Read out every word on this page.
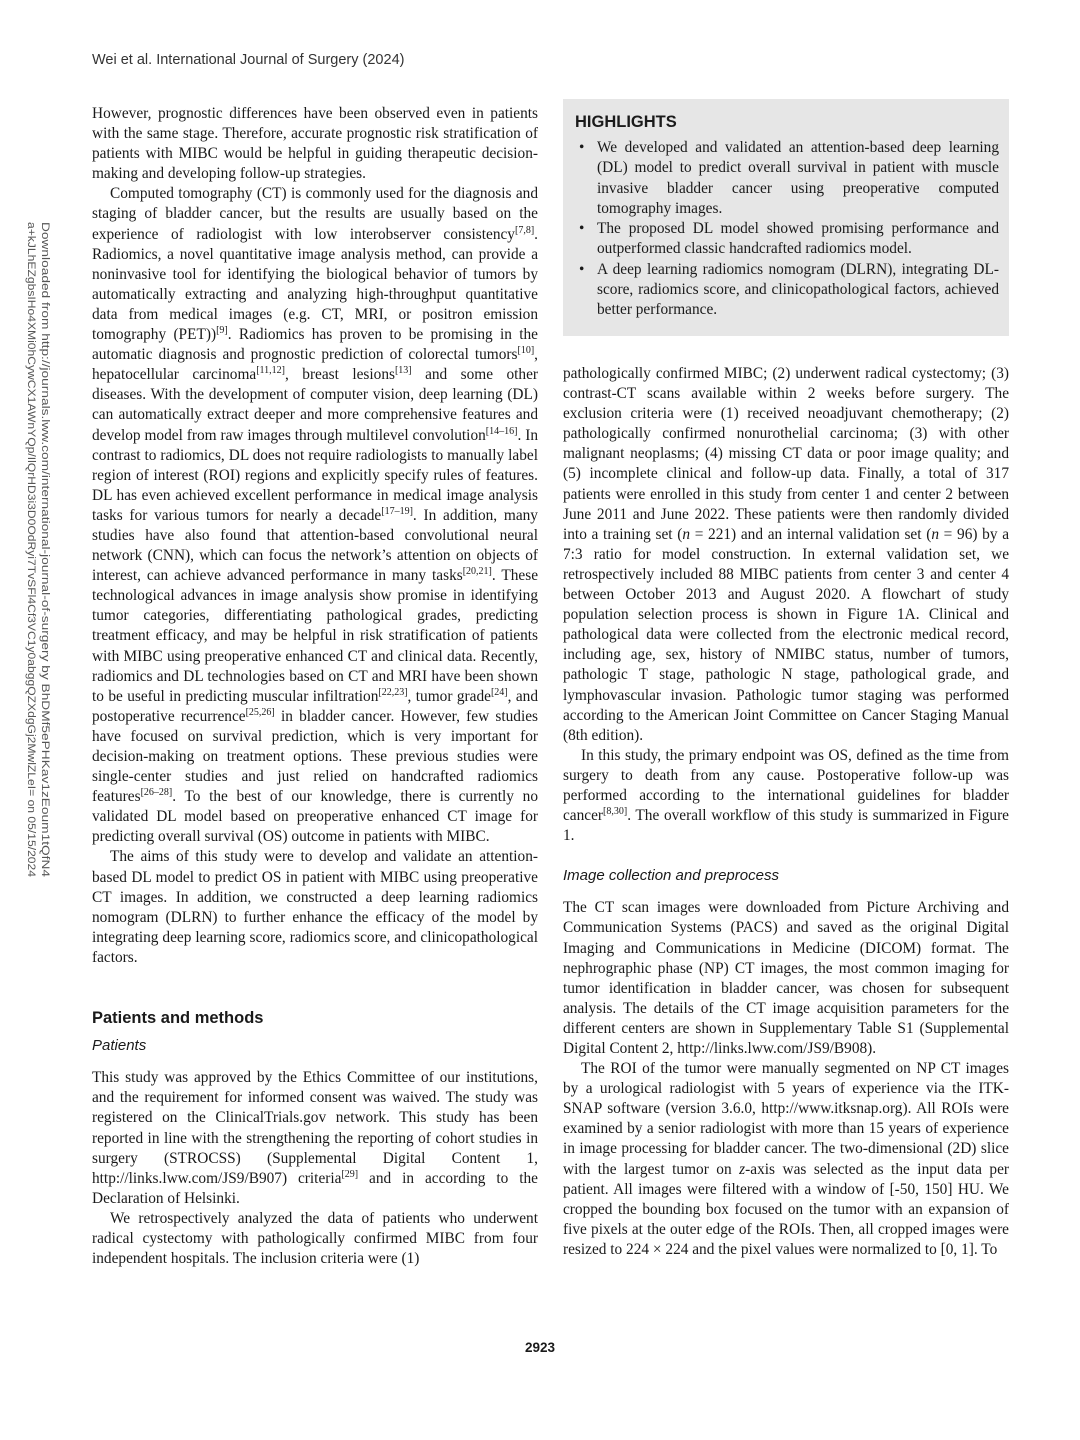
Wei et al. International Journal of Surgery (2024)
Downloaded from http://journals.lww.com/international-journal-of-surgery by BhDMf5ePHKav1zEoum1tQfN4
a+kJLhEZgbsIHo4XMi0hCywCX1AWnYQp/IlQrHD3i3D0OdRyi7TvSFl4Cf3VC1y0abggQZXdgGj2MwlZLeI= on 05/15/2024

However, prognostic differences have been observed even in patients with the same stage. Therefore, accurate prognostic risk stratification of patients with MIBC would be helpful in guiding therapeutic decision-making and developing follow-up strategies.

Computed tomography (CT) is commonly used for the diagnosis and staging of bladder cancer, but the results are usually based on the experience of radiologist with low interobserver consistency[7,8]. Radiomics, a novel quantitative image analysis method, can provide a noninvasive tool for identifying the biological behavior of tumors by automatically extracting and analyzing high-throughput quantitative data from medical images (e.g. CT, MRI, or positron emission tomography (PET))[9]. Radiomics has proven to be promising in the automatic diagnosis and prognostic prediction of colorectal tumors[10], hepatocellular carcinoma[11,12], breast lesions[13] and some other diseases. With the development of computer vision, deep learning (DL) can automatically extract deeper and more comprehensive features and develop model from raw images through multilevel convolution[14–16]. In contrast to radiomics, DL does not require radiologists to manually label region of interest (ROI) regions and explicitly specify rules of features. DL has even achieved excellent performance in medical image analysis tasks for various tumors for nearly a decade[17–19]. In addition, many studies have also found that attention-based convolutional neural network (CNN), which can focus the network’s attention on objects of interest, can achieve advanced performance in many tasks[20,21]. These technological advances in image analysis show promise in identifying tumor categories, differentiating pathological grades, predicting treatment efficacy, and may be helpful in risk stratification of patients with MIBC using preoperative enhanced CT and clinical data. Recently, radiomics and DL technologies based on CT and MRI have been shown to be useful in predicting muscular infiltration[22,23], tumor grade[24], and postoperative recurrence[25,26] in bladder cancer. However, few studies have focused on survival prediction, which is very important for decision-making on treatment options. These previous studies were single-center studies and just relied on handcrafted radiomics features[26–28]. To the best of our knowledge, there is currently no validated DL model based on preoperative enhanced CT image for predicting overall survival (OS) outcome in patients with MIBC.

The aims of this study were to develop and validate an attention-based DL model to predict OS in patient with MIBC using preoperative CT images. In addition, we constructed a deep learning radiomics nomogram (DLRN) to further enhance the efficacy of the model by integrating deep learning score, radiomics score, and clinicopathological factors.

Patients and methods
Patients

This study was approved by the Ethics Committee of our institutions, and the requirement for informed consent was waived. The study was registered on the ClinicalTrials.gov network. This study has been reported in line with the strengthening the reporting of cohort studies in surgery (STROCSS) (Supplemental Digital Content 1, http://links.lww.com/JS9/B907) criteria[29] and in according to the Declaration of Helsinki.

We retrospectively analyzed the data of patients who underwent radical cystectomy with pathologically confirmed MIBC from four independent hospitals. The inclusion criteria were (1)

HIGHLIGHTS
• We developed and validated an attention-based deep learning (DL) model to predict overall survival in patient with muscle invasive bladder cancer using preoperative computed tomography images.
• The proposed DL model showed promising performance and outperformed classic handcrafted radiomics model.
• A deep learning radiomics nomogram (DLRN), integrating DL-score, radiomics score, and clinicopathological factors, achieved better performance.

pathologically confirmed MIBC; (2) underwent radical cystectomy; (3) contrast-CT scans available within 2 weeks before surgery. The exclusion criteria were (1) received neoadjuvant chemotherapy; (2) pathologically confirmed nonurothelial carcinoma; (3) with other malignant neoplasms; (4) missing CT data or poor image quality; and (5) incomplete clinical and follow-up data. Finally, a total of 317 patients were enrolled in this study from center 1 and center 2 between June 2011 and June 2022. These patients were then randomly divided into a training set (n = 221) and an internal validation set (n = 96) by a 7:3 ratio for model construction. In external validation set, we retrospectively included 88 MIBC patients from center 3 and center 4 between October 2013 and August 2020. A flowchart of study population selection process is shown in Figure 1A. Clinical and pathological data were collected from the electronic medical record, including age, sex, history of NMIBC status, number of tumors, pathologic T stage, pathologic N stage, pathological grade, and lymphovascular invasion. Pathologic tumor staging was performed according to the American Joint Committee on Cancer Staging Manual (8th edition).

In this study, the primary endpoint was OS, defined as the time from surgery to death from any cause. Postoperative follow-up was performed according to the international guidelines for bladder cancer[8,30]. The overall workflow of this study is summarized in Figure 1.

Image collection and preprocess

The CT scan images were downloaded from Picture Archiving and Communication Systems (PACS) and saved as the original Digital Imaging and Communications in Medicine (DICOM) format. The nephrographic phase (NP) CT images, the most common imaging for tumor identification in bladder cancer, was chosen for subsequent analysis. The details of the CT image acquisition parameters for the different centers are shown in Supplementary Table S1 (Supplemental Digital Content 2, http://links.lww.com/JS9/B908).

The ROI of the tumor were manually segmented on NP CT images by a urological radiologist with 5 years of experience via the ITK-SNAP software (version 3.6.0, http://www.itksnap.org). All ROIs were examined by a senior radiologist with more than 15 years of experience in image processing for bladder cancer. The two-dimensional (2D) slice with the largest tumor on z-axis was selected as the input data per patient. All images were filtered with a window of [-50, 150] HU. We cropped the bounding box focused on the tumor with an expansion of five pixels at the outer edge of the ROIs. Then, all cropped images were resized to 224 × 224 and the pixel values were normalized to [0, 1]. To

2923
